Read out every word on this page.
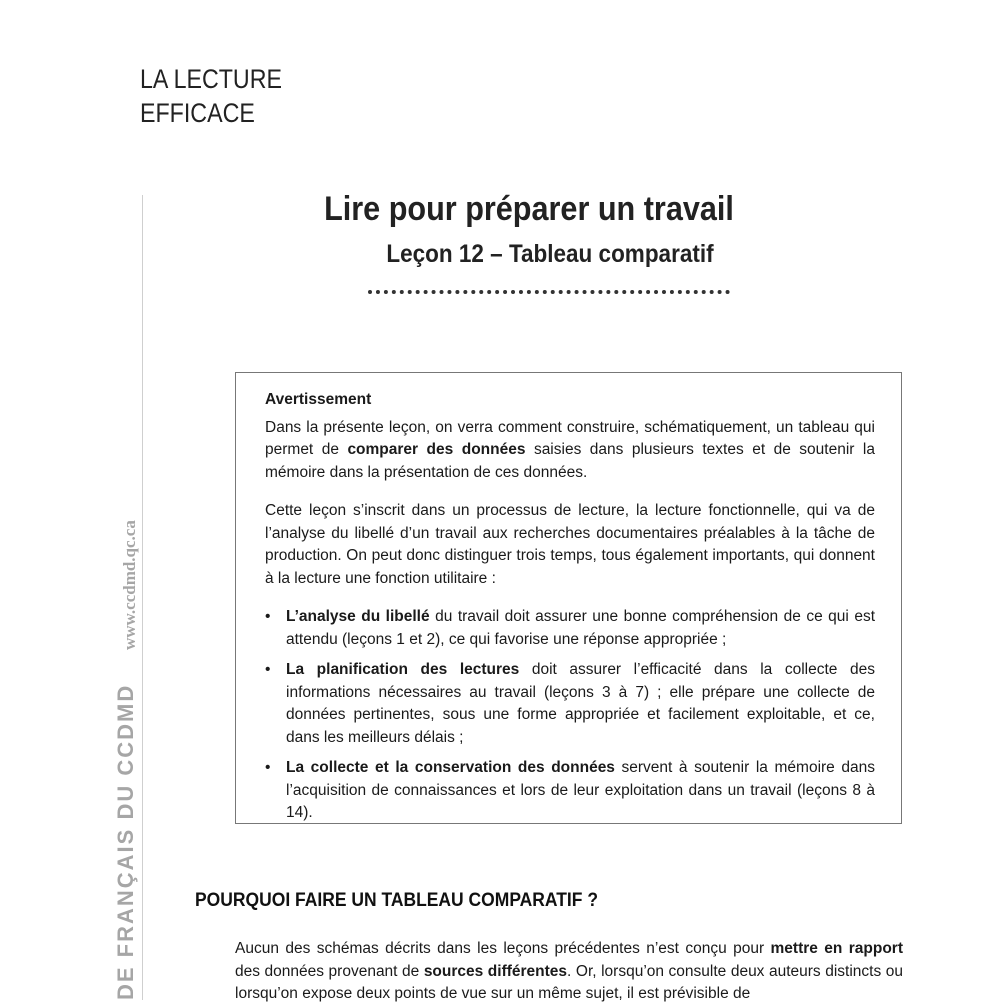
LA LECTURE
EFFICACE
DE FRANÇAIS DU CCDMD
www.ccdmd.qc.ca
Lire pour préparer un travail
Leçon 12 – Tableau comparatif
Avertissement

Dans la présente leçon, on verra comment construire, schématiquement, un tableau qui permet de comparer des données saisies dans plusieurs textes et de soutenir la mémoire dans la présentation de ces données.

Cette leçon s’inscrit dans un processus de lecture, la lecture fonctionnelle, qui va de l’analyse du libellé d’un travail aux recherches documentaires préalables à la tâche de production. On peut donc distinguer trois temps, tous également importants, qui donnent à la lecture une fonction utilitaire :

• L’analyse du libellé du travail doit assurer une bonne compréhension de ce qui est attendu (leçons 1 et 2), ce qui favorise une réponse appropriée ;
• La planification des lectures doit assurer l’efficacité dans la collecte des informations nécessaires au travail (leçons 3 à 7) ; elle prépare une collecte de données pertinentes, sous une forme appropriée et facilement exploitable, et ce, dans les meilleurs délais ;
• La collecte et la conservation des données servent à soutenir la mémoire dans l’acquisition de connaissances et lors de leur exploitation dans un travail (leçons 8 à 14).
POURQUOI FAIRE UN TABLEAU COMPARATIF ?
Aucun des schémas décrits dans les leçons précédentes n’est conçu pour mettre en rapport des données provenant de sources différentes. Or, lorsqu’on consulte deux auteurs distincts ou lorsqu’on expose deux points de vue sur un même sujet, il est prévisible de
